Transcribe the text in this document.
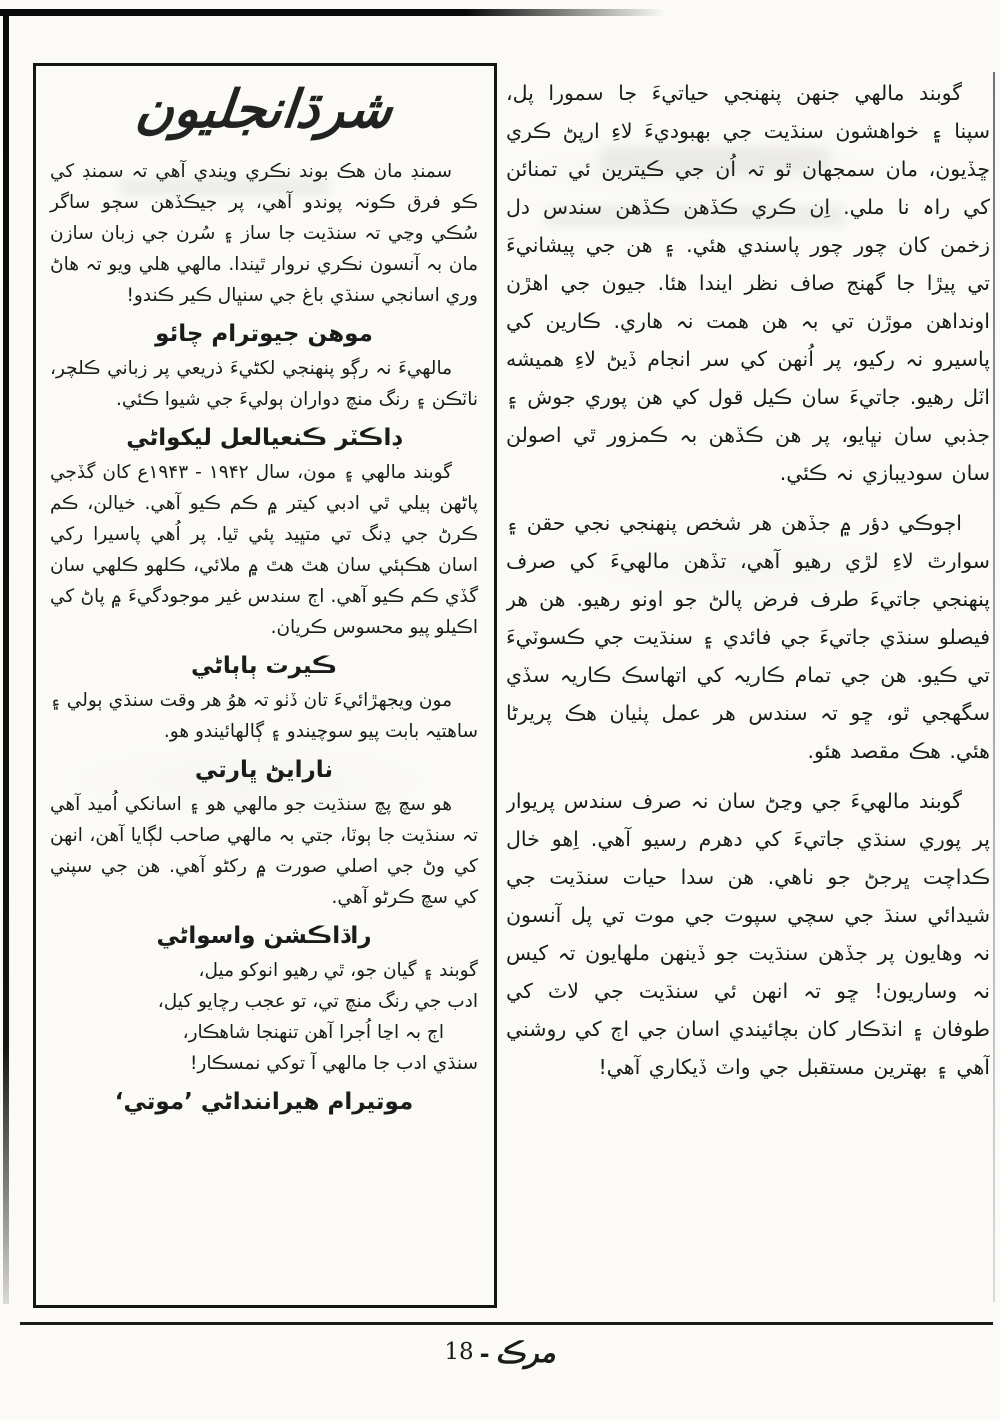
شرڌانجليون

سمنڊ مان هڪ بوند نڪري ويندي آهي تہ سمنڊ کي ڪو فرق ڪونہ پوندو آهي، پر جيڪڏهن سڄو ساگر سُڪي وڃي تہ سنڌيت جا ساز ۽ سُرن جي زبان سازن مان بہ آنسون نڪري نروار ٿيندا. مالهي هلي ويو تہ هاڻ وري اسانجي سنڌي باغ جي سنڀال ڪير ڪندو!

موهن جيوترام چائو

مالهيءَ نہ رڳو پنهنجي لکڻيءَ ذريعي پر زباني ڪلچر، ناٽڪن ۽ رنگ منچ دواران ٻوليءَ جي شيوا ڪئي.

ڊاڪٽر ڪنعيالعل ليکواڻي

گوبند مالهي ۽ مون، سال ۱۹۴۲ - ۱۹۴۳ع کان گڏجي پاڻهن ٻيلي ٿي ادبي کيتر ۾ ڪم ڪيو آهي. خيالن، ڪم ڪرڻ جي ڍنگ تي متڀيد پئي ٿيا. پر اُهي پاسيرا رکي اسان هڪٻئي سان هٿ هٿ ۾ ملائي، ڪلهو ڪلهي سان گڏي ڪم ڪيو آهي. اڄ سندس غير موجودگيءَ ۾ پاڻ کي اڪيلو پيو محسوس ڪريان.

ڪيرت ٻاٻاڻي

مون ويجهڙائيءَ تان ڏٺو تہ هوُ هر وقت سنڌي ٻولي ۽ ساهتيہ بابت پيو سوچيندو ۽ ڳالهائيندو هو.

نارايڻ ڀارتي

هو سچ پچ سنڌيت جو مالهي هو ۽ اسانکي اُميد آهي تہ سنڌيت جا ٻوٽا، جتي بہ مالهي صاحب لڳايا آهن، انهن کي وڻ جي اصلي صورت ۾ رکڻو آهي. هن جي سپني کي سچ ڪرڻو آهي.

راڌاڪشن واسواڻي
گوبند ۽ گيان جو، ٿي رهيو انوکو ميل،
ادب جي رنگ منچ تي، تو عجب رچايو کيل،
اڄ بہ اڃا اُجرا آهن تنهنجا شاهڪار،
سنڌي ادب جا مالهي آ توکي نمسڪار!
موتيرام هيراننداڻي ’موتي‘

گوبند مالهي جنهن پنهنجي حياتيءَ جا سمورا پل، سپنا ۽ خواهشون سنڌيت جي بهبوديءَ لاءِ ارپڻ ڪري ڇڏيون، مان سمجهان ٿو تہ اُن جي ڪيترين ئي تمنائن کي راہ نا ملي. اِن ڪري ڪڏهن ڪڏهن سندس دل زخمن کان چور چور پاسندي هئي. ۽ هن جي پيشانيءَ تي پيڙا جا گهنج صاف نظر ايندا هئا. جيون جي اهڙن اونداهن موڙن تي بہ هن همت نہ هاري. ڪارين کي پاسيرو نہ رکيو، پر اُنهن کي سر انجام ڏيڻ لاءِ هميشه اٽل رهيو. جاتيءَ سان ڪيل قول کي هن پوري جوش ۽ جذبي سان نڀايو، پر هن ڪڏهن بہ ڪمزور ٿي اصولن سان سوديبازي نہ ڪئي.

اڄوڪي دؤر ۾ جڏهن هر شخص پنهنجي نجي حقن ۽ سوارٿ لاءِ لڙي رهيو آهي، تڏهن مالهيءَ کي صرف پنهنجي جاتيءَ طرف فرض پالڻ جو اونو رهيو. هن هر فيصلو سنڌي جاتيءَ جي فائدي ۽ سنڌيت جي ڪسوٽيءَ تي ڪيو. هن جي تمام ڪاريہ کي اتهاسڪ ڪاريہ سڏي سگهجي ٿو، ڇو تہ سندس هر عمل پٺيان هڪ پريرڻا هئي. هڪ مقصد هئو.

گوبند مالهيءَ جي وڃڻ سان نہ صرف سندس پريوار پر پوري سنڌي جاتيءَ کي دهرم رسيو آهي. اِهو خال ڪداچت ڀرجڻ جو ناهي. هن سدا حيات سنڌيت جي شيدائي سنڌ جي سچي سپوت جي موت تي پل آنسون نہ وهايون پر جڏهن سنڌيت جو ڏينهن ملهايون تہ کيس نہ وساريون! ڇو تہ انهن ئي سنڌيت جي لاٽ کي طوفان ۽ انڌڪار کان بچائيندي اسان جي اڄ کي روشني آهي ۽ بهترين مستقبل جي واٽ ڏيکاري آهي!

مرڪ-18
